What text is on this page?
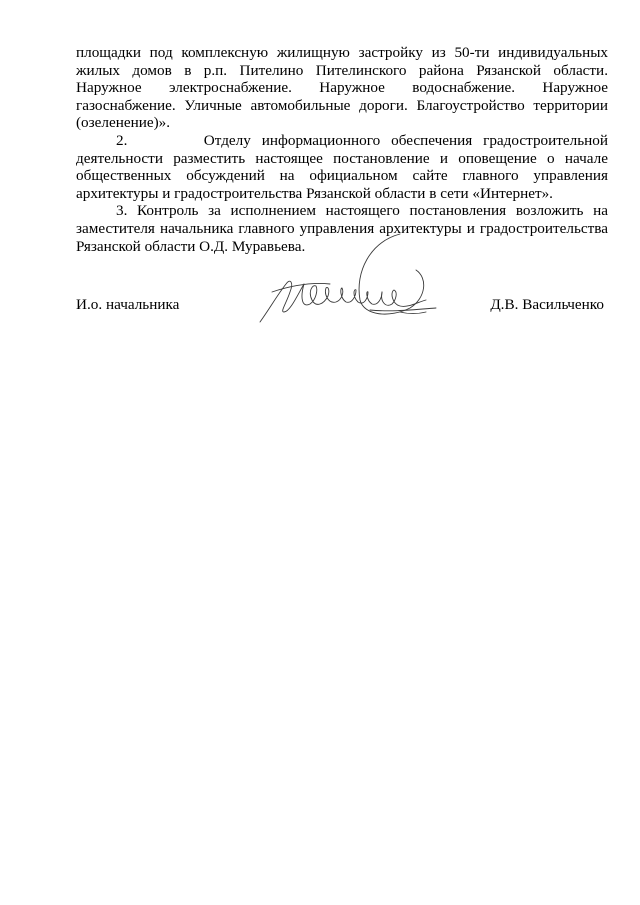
площадки под комплексную жилищную застройку из 50-ти индивидуальных жилых домов в р.п. Пителино Пителинского района Рязанской области. Наружное электроснабжение. Наружное водоснабжение. Наружное газоснабжение. Уличные автомобильные дороги. Благоустройство территории (озеленение)».

2.       Отделу информационного обеспечения градостроительной деятельности разместить настоящее постановление и оповещение о начале общественных обсуждений на официальном сайте главного управления архитектуры и градостроительства Рязанской области в сети «Интернет».

3. Контроль за исполнением настоящего постановления возложить на заместителя начальника главного управления архитектуры и градостроительства Рязанской области О.Д. Муравьева.

И.о. начальника	Д.В. Васильченко
